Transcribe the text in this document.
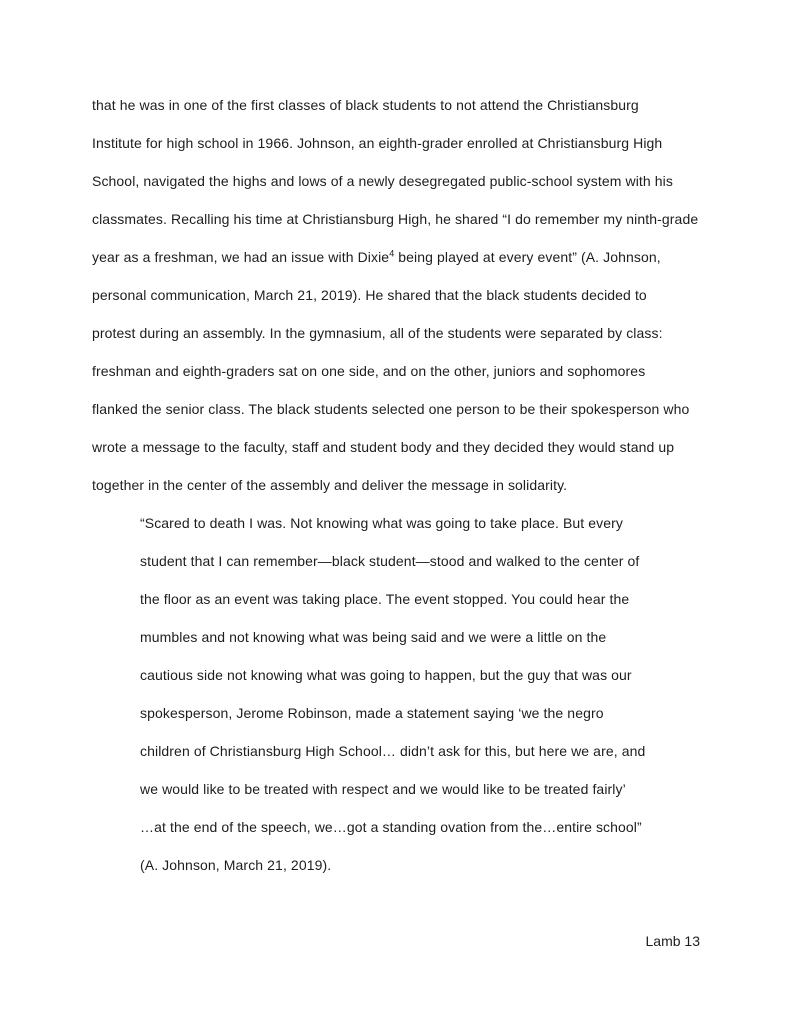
that he was in one of the first classes of black students to not attend the Christiansburg
Institute for high school in 1966. Johnson, an eighth-grader enrolled at Christiansburg High
School, navigated the highs and lows of a newly desegregated public-school system with his
classmates. Recalling his time at Christiansburg High, he shared “I do remember my ninth-grade
year as a freshman, we had an issue with Dixie$^4$ being played at every event” (A. Johnson,
personal communication, March 21, 2019). He shared that the black students decided to
protest during an assembly. In the gymnasium, all of the students were separated by class:
freshman and eighth-graders sat on one side, and on the other, juniors and sophomores
flanked the senior class. The black students selected one person to be their spokesperson who
wrote a message to the faculty, staff and student body and they decided they would stand up
together in the center of the assembly and deliver the message in solidarity.
“Scared to death I was. Not knowing what was going to take place. But every
student that I can remember—black student—stood and walked to the center of
the floor as an event was taking place. The event stopped. You could hear the
mumbles and not knowing what was being said and we were a little on the
cautious side not knowing what was going to happen, but the guy that was our
spokesperson, Jerome Robinson, made a statement saying ‘we the negro
children of Christiansburg High School… didn’t ask for this, but here we are, and
we would like to be treated with respect and we would like to be treated fairly’
…at the end of the speech, we…got a standing ovation from the…entire school”
(A. Johnson, March 21, 2019).
Lamb 13
